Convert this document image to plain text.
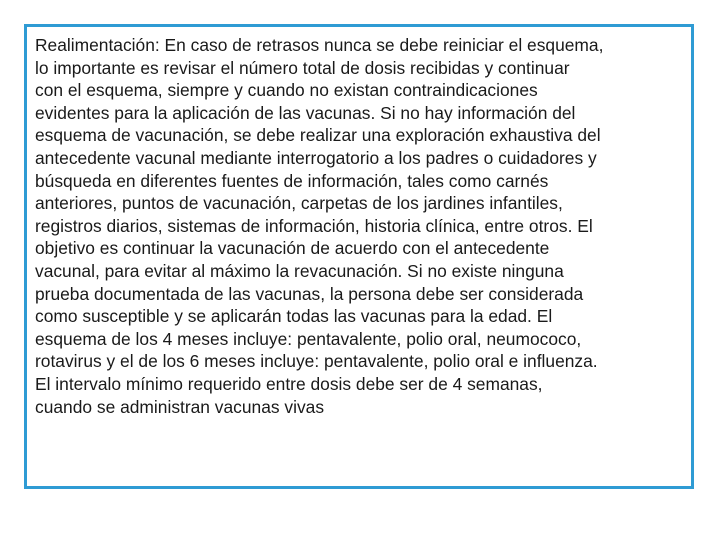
Realimentación: En caso de retrasos nunca se debe reiniciar el esquema,
lo importante es revisar el número total de dosis recibidas y continuar
con el esquema, siempre y cuando no existan contraindicaciones
evidentes para la aplicación de las vacunas. Si no hay información del
esquema de vacunación, se debe realizar una exploración exhaustiva del
antecedente vacunal mediante interrogatorio a los padres o cuidadores y
búsqueda en diferentes fuentes de información, tales como carnés
anteriores, puntos de vacunación, carpetas de los jardines infantiles,
registros diarios, sistemas de información, historia clínica, entre otros. El
objetivo es continuar la vacunación de acuerdo con el antecedente
vacunal, para evitar al máximo la revacunación. Si no existe ninguna
prueba documentada de las vacunas, la persona debe ser considerada
como susceptible y se aplicarán todas las vacunas para la edad. El
esquema de los 4 meses incluye: pentavalente, polio oral, neumococo,
rotavirus y el de los 6 meses incluye: pentavalente, polio oral e influenza.
El intervalo mínimo requerido entre dosis debe ser de 4 semanas,
cuando se administran vacunas vivas
